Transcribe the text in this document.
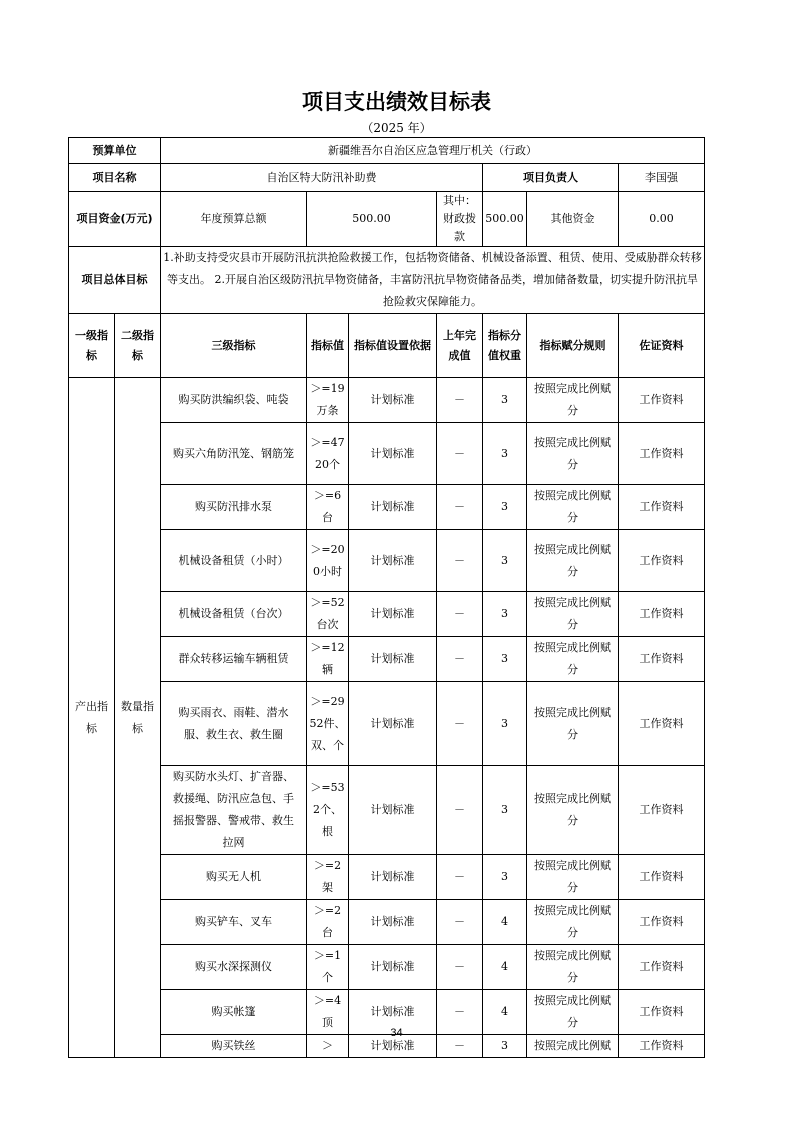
项目支出绩效目标表
（2025 年）
预算单位		新疆维吾尔自治区应急管理厅机关（行政）						
项目名称		自治区特大防汛补助费				项目负责人		李国强
项目资金(万元)		年度预算总额	500.00		其中：财政拨款	500.00	其他资金	0.00
项目总体目标		1.补助支持受灾县市开展防汛抗洪抢险救援工作，包括物资储备、机械设备添置、租赁、使用、受威胁群众转移等支出。 2.开展自治区级防汛抗旱物资储备，丰富防汛抗旱物资储备品类，增加储备数量，切实提升防汛抗旱抢险救灾保障能力。						
一级指标	二级指标	三级指标	指标值	指标值设置依据	上年完成值	指标分值权重	指标赋分规则	佐证资料
产出指标	数量指标	购买防洪编织袋、吨袋	＞=19万条	计划标准	－	3	按照完成比例赋分	工作资料
		购买六角防汛笼、钢筋笼	＞=4720个	计划标准	－	3	按照完成比例赋分	工作资料
		购买防汛排水泵	＞=6台	计划标准	－	3	按照完成比例赋分	工作资料
		机械设备租赁（小时）	＞=200小时	计划标准	－	3	按照完成比例赋分	工作资料
		机械设备租赁（台次）	＞=52台次	计划标准	－	3	按照完成比例赋分	工作资料
		群众转移运输车辆租赁	＞=12辆	计划标准	－	3	按照完成比例赋分	工作资料
		购买雨衣、雨鞋、潜水服、救生衣、救生圈	＞=2952件、双、个	计划标准	－	3	按照完成比例赋分	工作资料
		购买防水头灯、扩音器、救援绳、防汛应急包、手摇报警器、警戒带、救生拉网	＞=532个、根	计划标准	－	3	按照完成比例赋分	工作资料
		购买无人机	＞=2架	计划标准	－	3	按照完成比例赋分	工作资料
		购买铲车、叉车	＞=2台	计划标准	－	4	按照完成比例赋分	工作资料
		购买水深探测仪	＞=1个	计划标准	－	4	按照完成比例赋分	工作资料
		购买帐篷	＞=4顶	计划标准	－	4	按照完成比例赋分	工作资料
		购买铁丝	＞	计划标准	－	3	按照完成比例赋	工作资料
34
